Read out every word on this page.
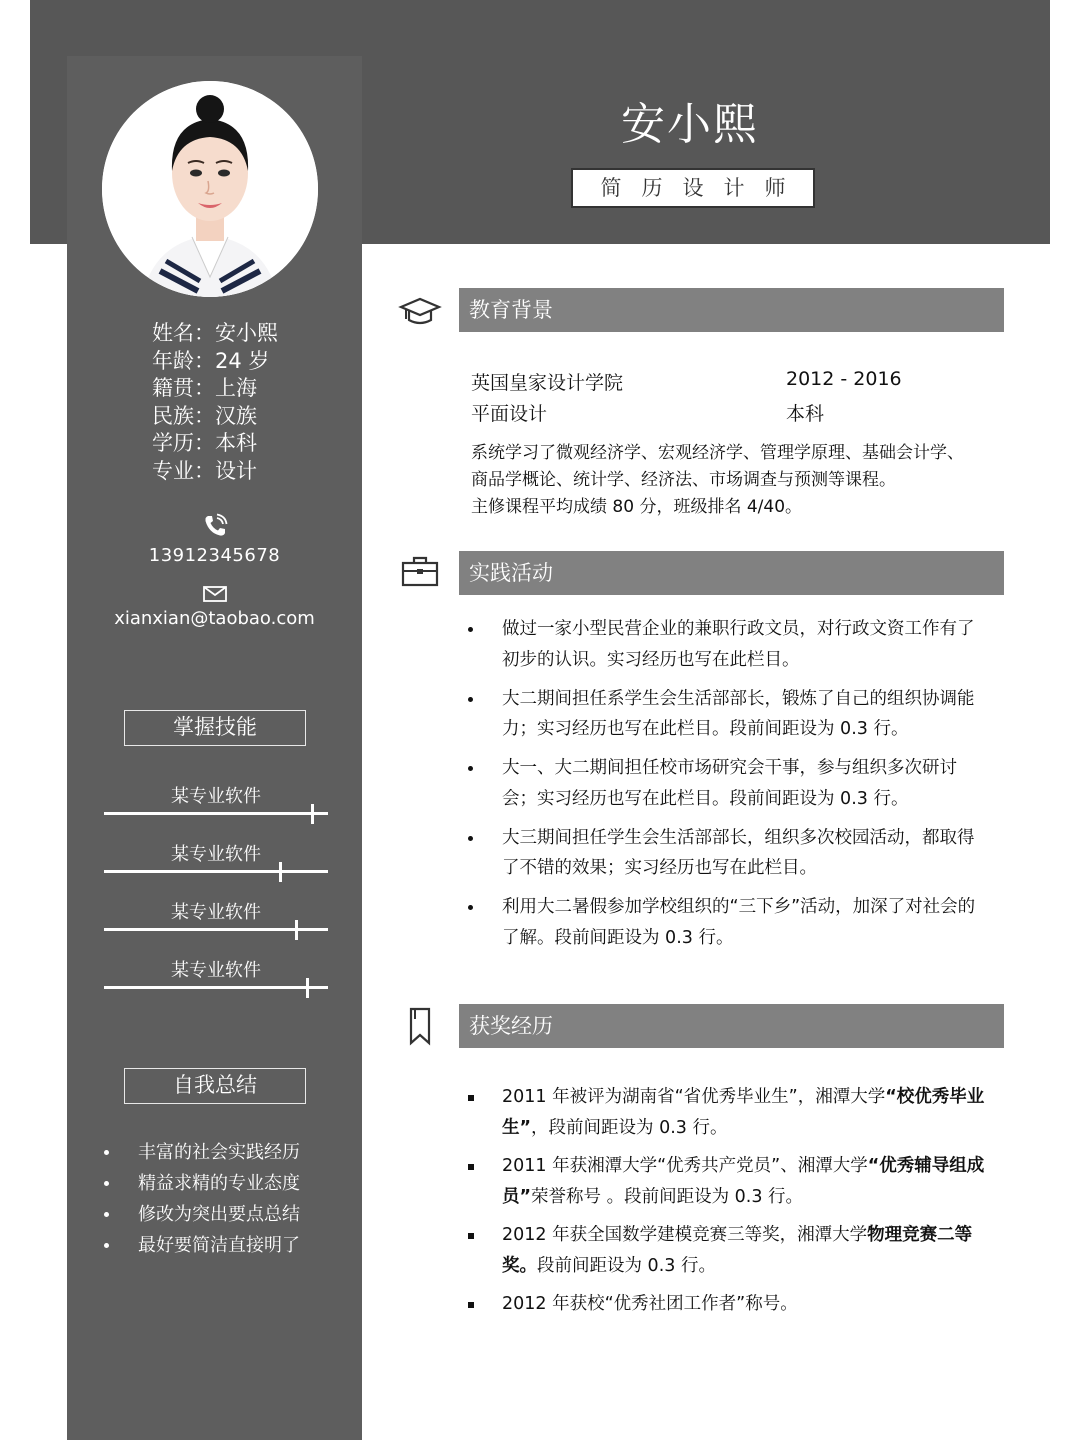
安小熙
简历设计师
姓名：安小熙
年龄：24 岁
籍贯：上海
民族：汉族
学历：本科
专业：设计
13912345678
xianxian@taobao.com
掌握技能
某专业软件
某专业软件
某专业软件
某专业软件
自我总结
丰富的社会实践经历
精益求精的专业态度
修改为突出要点总结
最好要简洁直接明了
教育背景
英国皇家设计学院	2012 - 2016
平面设计	本科
系统学习了微观经济学、宏观经济学、管理学原理、基础会计学、
商品学概论、统计学、经济法、市场调查与预测等课程。
主修课程平均成绩 80 分，班级排名 4/40。
实践活动
做过一家小型民营企业的兼职行政文员，对行政文资工作有了初步的认识。实习经历也写在此栏目。
大二期间担任系学生会生活部部长，锻炼了自己的组织协调能力；实习经历也写在此栏目。段前间距设为 0.3 行。
大一、大二期间担任校市场研究会干事，参与组织多次研讨会；实习经历也写在此栏目。段前间距设为 0.3 行。
大三期间担任学生会生活部部长，组织多次校园活动，都取得了不错的效果；实习经历也写在此栏目。
利用大二暑假参加学校组织的“三下乡”活动，加深了对社会的了解。段前间距设为 0.3 行。
获奖经历
2011 年被评为湖南省“省优秀毕业生”，湘潭大学“校优秀毕业生”，段前间距设为 0.3 行。
2011 年获湘潭大学“优秀共产党员”、湘潭大学“优秀辅导组成员”荣誉称号 。段前间距设为 0.3 行。
2012 年获全国数学建模竞赛三等奖，湘潭大学物理竞赛二等奖。段前间距设为 0.3 行。
2012 年获校“优秀社团工作者”称号。
